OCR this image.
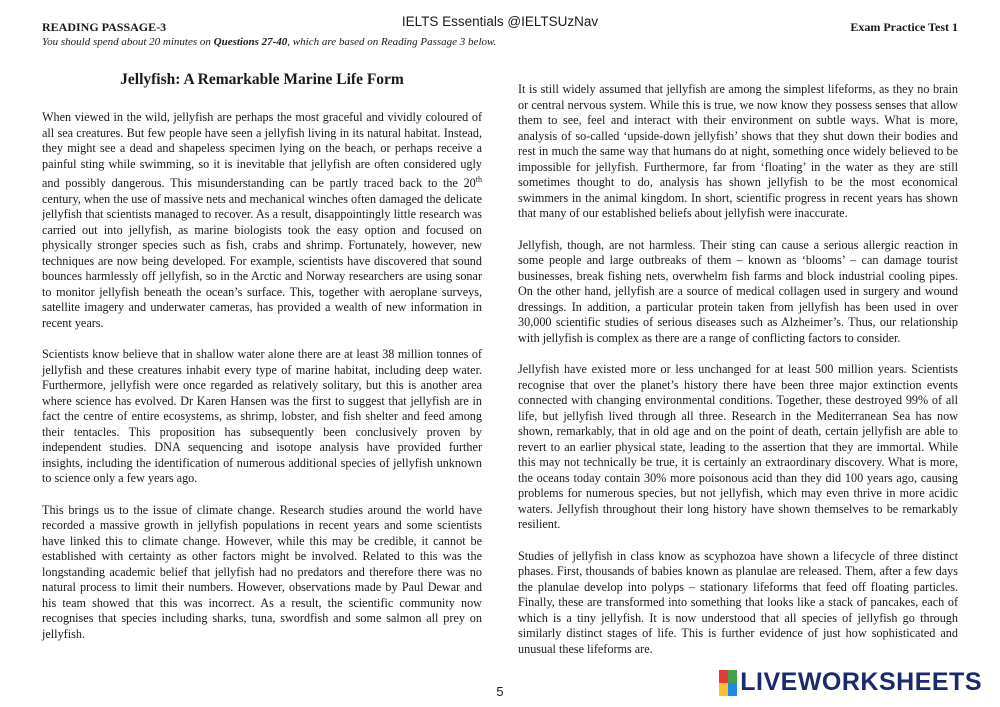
READING PASSAGE-3	IELTS Essentials @IELTSUzNav	Exam Practice Test 1
You should spend about 20 minutes on Questions 27-40, which are based on Reading Passage 3 below.
Jellyfish: A Remarkable Marine Life Form

When viewed in the wild, jellyfish are perhaps the most graceful and vividly coloured of all sea creatures. But few people have seen a jellyfish living in its natural habitat. Instead, they might see a dead and shapeless specimen lying on the beach, or perhaps receive a painful sting while swimming, so it is inevitable that jellyfish are often considered ugly and possibly dangerous. This misunderstanding can be partly traced back to the 20th century, when the use of massive nets and mechanical winches often damaged the delicate jellyfish that scientists managed to recover. As a result, disappointingly little research was carried out into jellyfish, as marine biologists took the easy option and focused on physically stronger species such as fish, crabs and shrimp. Fortunately, however, new techniques are now being developed. For example, scientists have discovered that sound bounces harmlessly off jellyfish, so in the Arctic and Norway researchers are using sonar to monitor jellyfish beneath the ocean’s surface. This, together with aeroplane surveys, satellite imagery and underwater cameras, has provided a wealth of new information in recent years.

Scientists know believe that in shallow water alone there are at least 38 million tonnes of jellyfish and these creatures inhabit every type of marine habitat, including deep water. Furthermore, jellyfish were once regarded as relatively solitary, but this is another area where science has evolved. Dr Karen Hansen was the first to suggest that jellyfish are in fact the centre of entire ecosystems, as shrimp, lobster, and fish shelter and feed among their tentacles. This proposition has subsequently been conclusively proven by independent studies. DNA sequencing and isotope analysis have provided further insights, including the identification of numerous additional species of jellyfish unknown to science only a few years ago.

This brings us to the issue of climate change. Research studies around the world have recorded a massive growth in jellyfish populations in recent years and some scientists have linked this to climate change. However, while this may be credible, it cannot be established with certainty as other factors might be involved. Related to this was the longstanding academic belief that jellyfish had no predators and therefore there was no natural process to limit their numbers. However, observations made by Paul Dewar and his team showed that this was incorrect. As a result, the scientific community now recognises that species including sharks, tuna, swordfish and some salmon all prey on jellyfish.

It is still widely assumed that jellyfish are among the simplest lifeforms, as they no brain or central nervous system. While this is true, we now know they possess senses that allow them to see, feel and interact with their environment on subtle ways. What is more, analysis of so-called ‘upside-down jellyfish’ shows that they shut down their bodies and rest in much the same way that humans do at night, something once widely believed to be impossible for jellyfish. Furthermore, far from ‘floating’ in the water as they are still sometimes thought to do, analysis has shown jellyfish to be the most economical swimmers in the animal kingdom. In short, scientific progress in recent years has shown that many of our established beliefs about jellyfish were inaccurate.

Jellyfish, though, are not harmless. Their sting can cause a serious allergic reaction in some people and large outbreaks of them – known as ‘blooms’ – can damage tourist businesses, break fishing nets, overwhelm fish farms and block industrial cooling pipes. On the other hand, jellyfish are a source of medical collagen used in surgery and wound dressings. In addition, a particular protein taken from jellyfish has been used in over 30,000 scientific studies of serious diseases such as Alzheimer’s. Thus, our relationship with jellyfish is complex as there are a range of conflicting factors to consider.

Jellyfish have existed more or less unchanged for at least 500 million years. Scientists recognise that over the planet’s history there have been three major extinction events connected with changing environmental conditions. Together, these destroyed 99% of all life, but jellyfish lived through all three. Research in the Mediterranean Sea has now shown, remarkably, that in old age and on the point of death, certain jellyfish are able to revert to an earlier physical state, leading to the assertion that they are immortal. While this may not technically be true, it is certainly an extraordinary discovery. What is more, the oceans today contain 30% more poisonous acid than they did 100 years ago, causing problems for numerous species, but not jellyfish, which may even thrive in more acidic waters. Jellyfish throughout their long history have shown themselves to be remarkably resilient.

Studies of jellyfish in class know as scyphozoa have shown a lifecycle of three distinct phases. First, thousands of babies known as planulae are released. Them, after a few days the planulae develop into polyps – stationary lifeforms that feed off floating particles. Finally, these are transformed into something that looks like a stack of pancakes, each of which is a tiny jellyfish. It is now understood that all species of jellyfish go through similarly distinct stages of life. This is further evidence of just how sophisticated and unusual these lifeforms are.

5	LIVEWORKSHEETS
